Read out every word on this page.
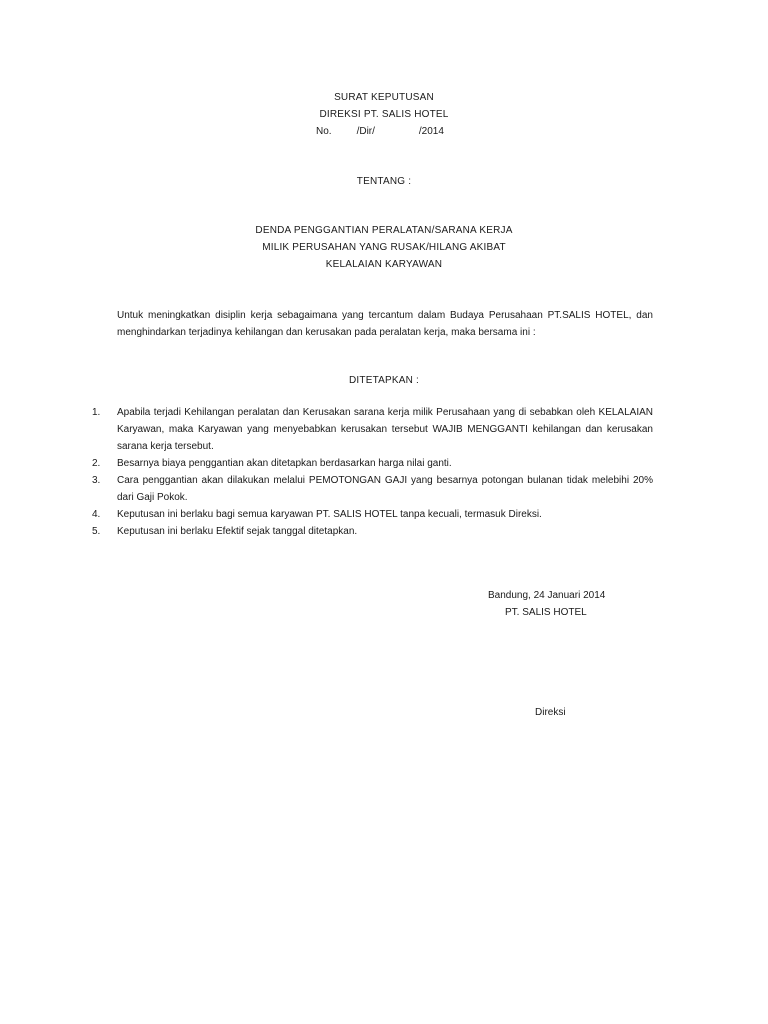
SURAT KEPUTUSAN
DIREKSI PT. SALIS HOTEL
No.	/Dir/	/2014
TENTANG :
DENDA PENGGANTIAN PERALATAN/SARANA KERJA
MILIK PERUSAHAN YANG RUSAK/HILANG AKIBAT
KELALAIAN KARYAWAN
Untuk meningkatkan disiplin kerja sebagaimana yang tercantum dalam Budaya Perusahaan PT.SALIS HOTEL, dan menghindarkan terjadinya kehilangan dan kerusakan pada peralatan kerja, maka bersama ini :
DITETAPKAN :
1. Apabila terjadi Kehilangan peralatan dan Kerusakan sarana kerja milik Perusahaan yang di sebabkan oleh KELALAIAN Karyawan, maka Karyawan yang menyebabkan kerusakan tersebut WAJIB MENGGANTI kehilangan dan kerusakan sarana kerja tersebut.
2. Besarnya biaya penggantian akan ditetapkan berdasarkan harga nilai ganti.
3. Cara penggantian akan dilakukan melalui PEMOTONGAN GAJI yang besarnya potongan bulanan tidak melebihi 20% dari Gaji Pokok.
4. Keputusan ini berlaku bagi semua karyawan PT. SALIS HOTEL tanpa kecuali, termasuk Direksi.
5. Keputusan ini berlaku Efektif sejak tanggal ditetapkan.
Bandung, 24 Januari 2014
PT. SALIS HOTEL
Direksi
